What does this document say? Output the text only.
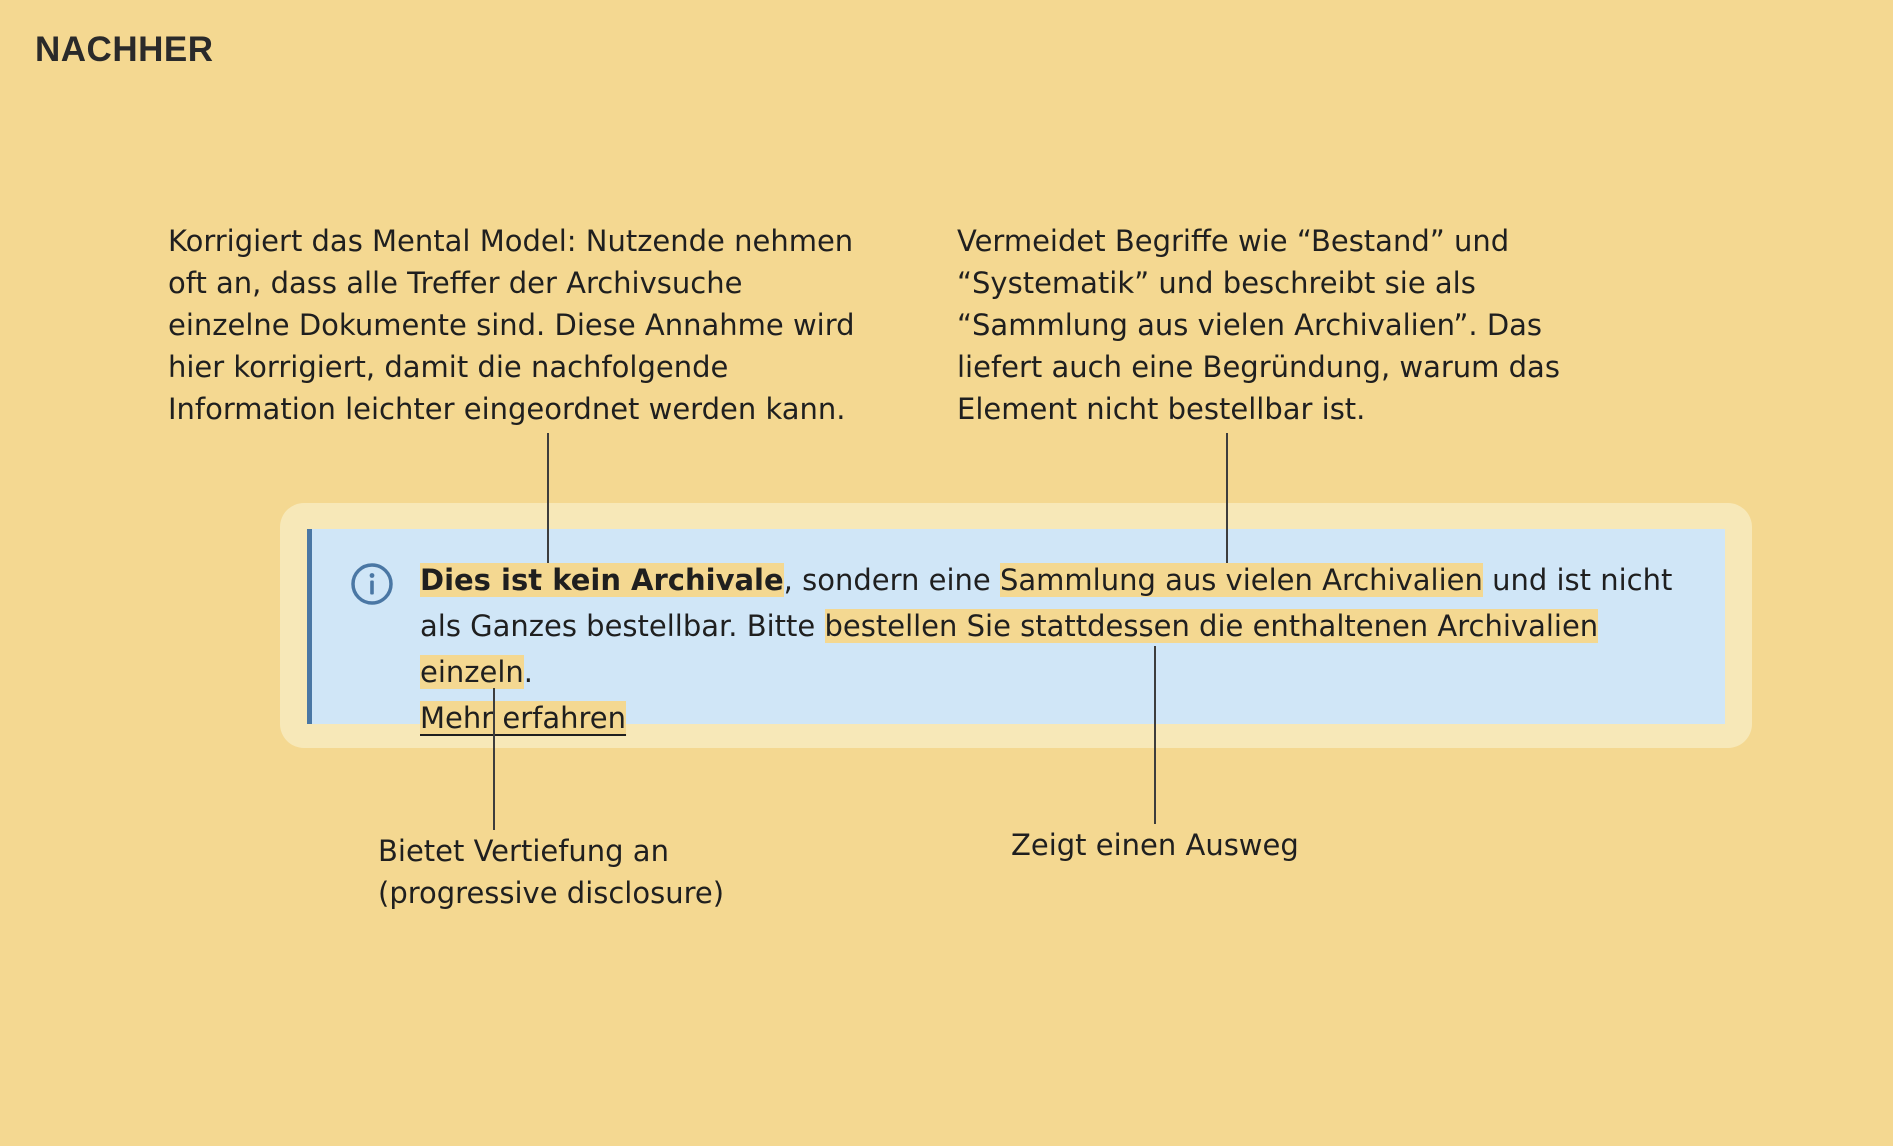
NACHHER
Korrigiert das Mental Model: Nutzende nehmen oft an, dass alle Treffer der Archivsuche einzelne Dokumente sind. Diese Annahme wird hier korrigiert, damit die nachfolgende Information leichter eingeordnet werden kann.
Vermeidet Begriffe wie “Bestand” und “Systematik” und beschreibt sie als “Sammlung aus vielen Archivalien”. Das liefert auch eine Begründung, warum das Element nicht bestellbar ist.
Bietet Vertiefung an (progressive disclosure)
Zeigt einen Ausweg
Dies ist kein Archivale, sondern eine Sammlung aus vielen Archivalien und ist nicht als Ganzes bestellbar. Bitte bestellen Sie stattdessen die enthaltenen Archivalien einzeln.
Mehr erfahren
